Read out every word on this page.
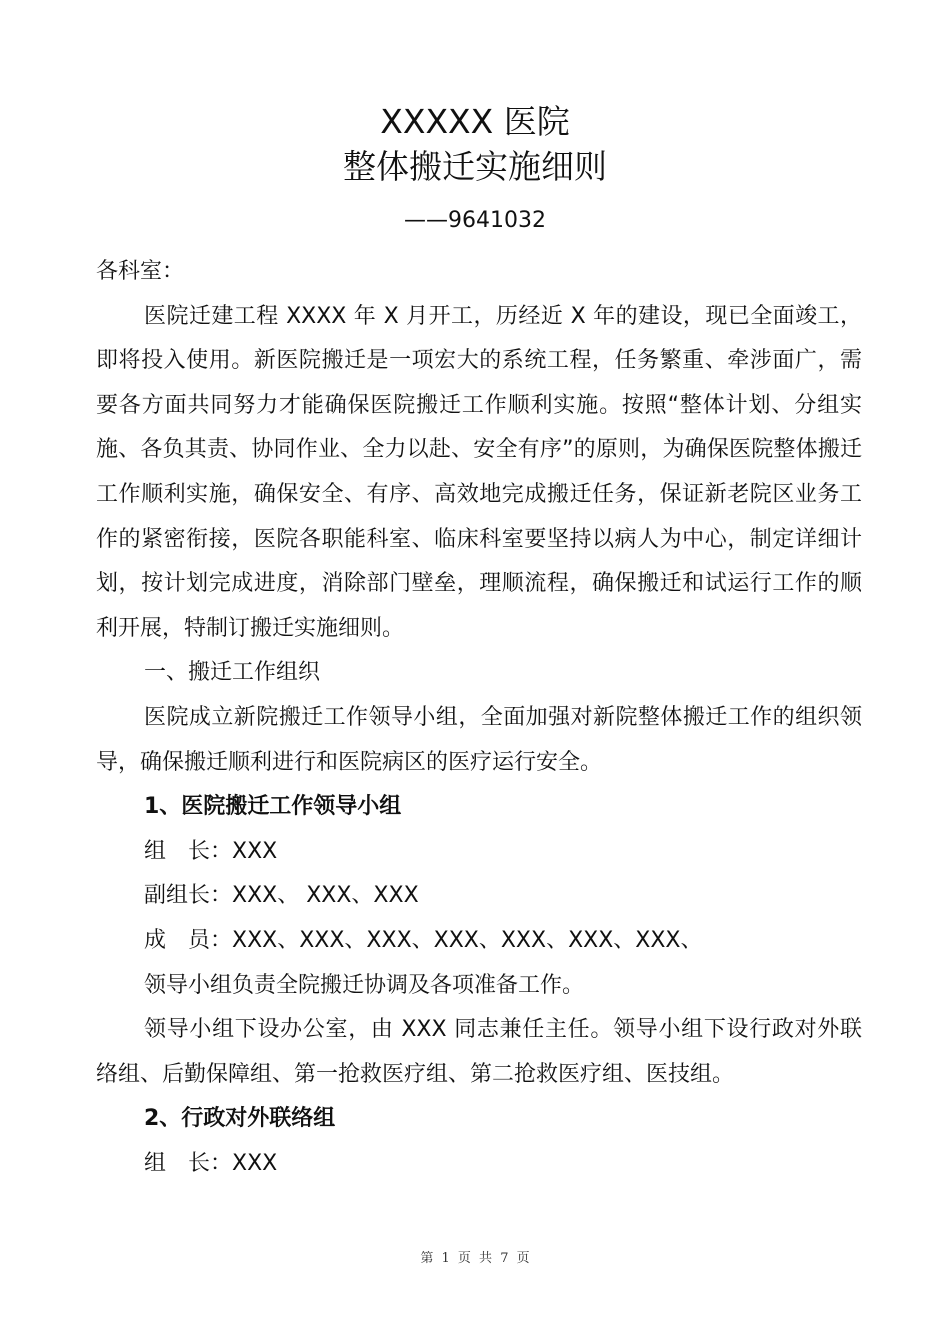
XXXXX 医院
整体搬迁实施细则
——9641032

各科室：

医院迁建工程 XXXX 年 X 月开工，历经近 X 年的建设，现已全面竣工，即将投入使用。新医院搬迁是一项宏大的系统工程，任务繁重、牵涉面广，需要各方面共同努力才能确保医院搬迁工作顺利实施。按照“整体计划、分组实施、各负其责、协同作业、全力以赴、安全有序”的原则，为确保医院整体搬迁工作顺利实施，确保安全、有序、高效地完成搬迁任务，保证新老院区业务工作的紧密衔接，医院各职能科室、临床科室要坚持以病人为中心，制定详细计划，按计划完成进度，消除部门壁垒，理顺流程，确保搬迁和试运行工作的顺利开展，特制订搬迁实施细则。

一、搬迁工作组织

医院成立新院搬迁工作领导小组，全面加强对新院整体搬迁工作的组织领导，确保搬迁顺利进行和医院病区的医疗运行安全。

1、医院搬迁工作领导小组

组　长：XXX

副组长：XXX、 XXX、XXX

成　员：XXX、XXX、XXX、XXX、XXX、XXX、XXX、

领导小组负责全院搬迁协调及各项准备工作。

领导小组下设办公室，由 XXX 同志兼任主任。领导小组下设行政对外联络组、后勤保障组、第一抢救医疗组、第二抢救医疗组、医技组。

2、行政对外联络组

组　长：XXX

第 1 页 共 7 页
